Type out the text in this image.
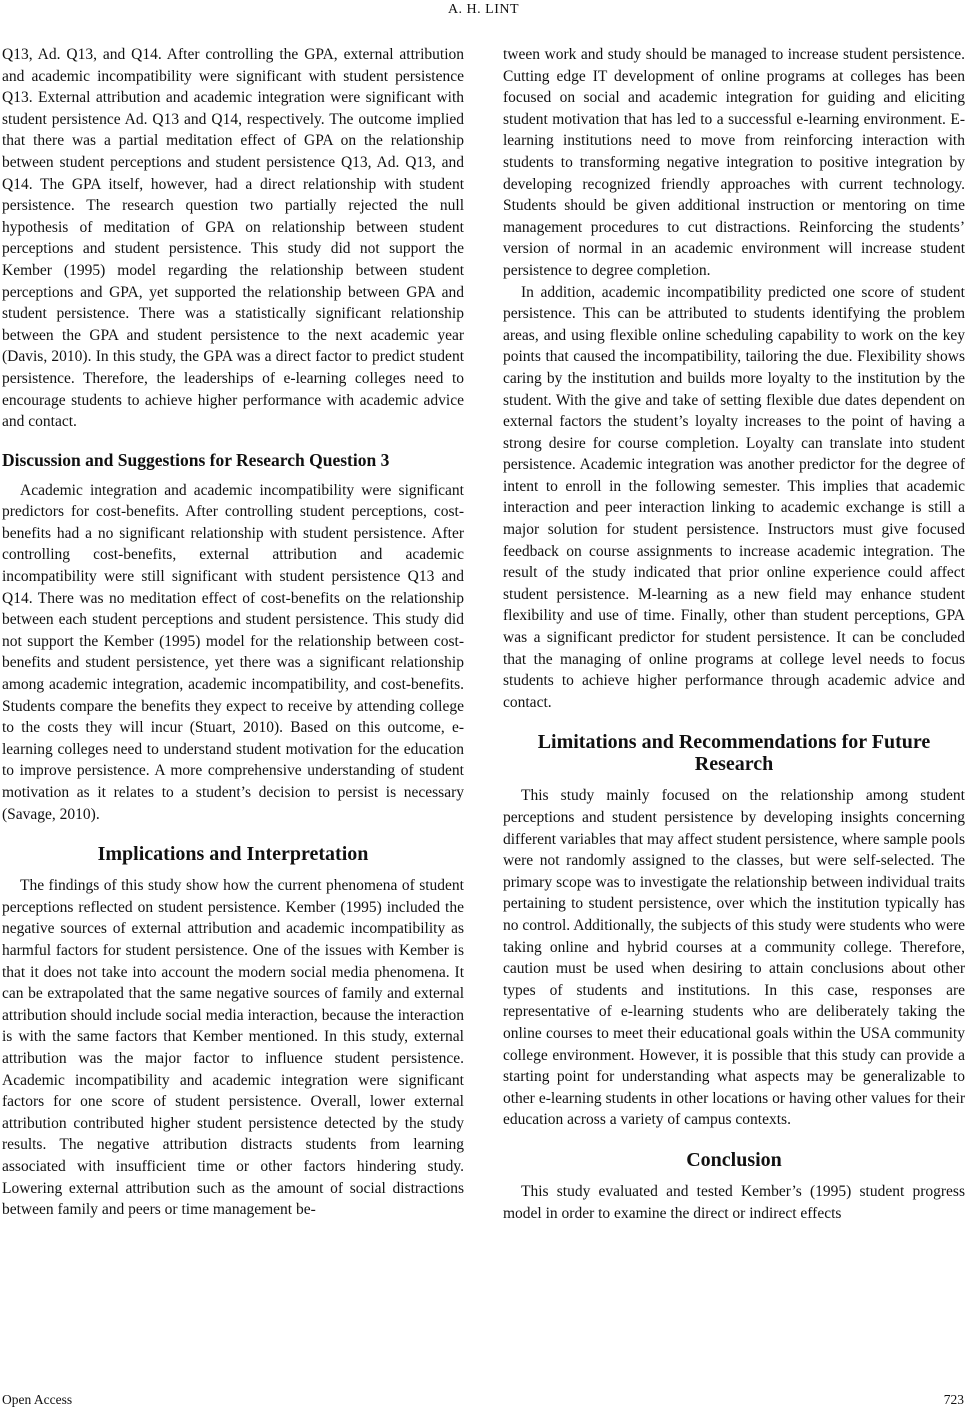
A. H. LINT

Q13, Ad. Q13, and Q14. After controlling the GPA, external attribution and academic incompatibility were significant with student persistence Q13. External attribution and academic integration were significant with student persistence Ad. Q13 and Q14, respectively. The outcome implied that there was a partial meditation effect of GPA on the relationship between student perceptions and student persistence Q13, Ad. Q13, and Q14. The GPA itself, however, had a direct relationship with student persistence. The research question two partially rejected the null hypothesis of meditation of GPA on relationship between student perceptions and student persistence. This study did not support the Kember (1995) model regarding the relationship between student perceptions and GPA, yet supported the relationship between GPA and student persistence. There was a statistically significant relationship between the GPA and student persistence to the next academic year (Davis, 2010). In this study, the GPA was a direct factor to predict student persistence. Therefore, the leaderships of e-learning colleges need to encourage students to achieve higher performance with academic advice and contact.

Discussion and Suggestions for Research Question 3

Academic integration and academic incompatibility were significant predictors for cost-benefits. After controlling student perceptions, cost-benefits had a no significant relationship with student persistence. After controlling cost-benefits, external attribution and academic incompatibility were still significant with student persistence Q13 and Q14. There was no meditation effect of cost-benefits on the relationship between each student perceptions and student persistence. This study did not support the Kember (1995) model for the relationship between cost-benefits and student persistence, yet there was a significant relationship among academic integration, academic incompatibility, and cost-benefits. Students compare the benefits they expect to receive by attending college to the costs they will incur (Stuart, 2010). Based on this outcome, e-learning colleges need to understand student motivation for the education to improve persistence. A more comprehensive understanding of student motivation as it relates to a student’s decision to persist is necessary (Savage, 2010).

Implications and Interpretation

The findings of this study show how the current phenomena of student perceptions reflected on student persistence. Kember (1995) included the negative sources of external attribution and academic incompatibility as harmful factors for student persistence. One of the issues with Kember is that it does not take into account the modern social media phenomena. It can be extrapolated that the same negative sources of family and external attribution should include social media interaction, because the interaction is with the same factors that Kember mentioned. In this study, external attribution was the major factor to influence student persistence. Academic incompatibility and academic integration were significant factors for one score of student persistence. Overall, lower external attribution contributed higher student persistence detected by the study results. The negative attribution distracts students from learning associated with insufficient time or other factors hindering study. Lowering external attribution such as the amount of social distractions between family and peers or time management be-

tween work and study should be managed to increase student persistence. Cutting edge IT development of online programs at colleges has been focused on social and academic integration for guiding and eliciting student motivation that has led to a successful e-learning environment. E-learning institutions need to move from reinforcing interaction with students to transforming negative integration to positive integration by developing recognized friendly approaches with current technology. Students should be given additional instruction or mentoring on time management procedures to cut distractions. Reinforcing the students’ version of normal in an academic environment will increase student persistence to degree completion.

In addition, academic incompatibility predicted one score of student persistence. This can be attributed to students identifying the problem areas, and using flexible online scheduling capability to work on the key points that caused the incompatibility, tailoring the due. Flexibility shows caring by the institution and builds more loyalty to the institution by the student. With the give and take of setting flexible due dates dependent on external factors the student’s loyalty increases to the point of having a strong desire for course completion. Loyalty can translate into student persistence. Academic integration was another predictor for the degree of intent to enroll in the following semester. This implies that academic interaction and peer interaction linking to academic exchange is still a major solution for student persistence. Instructors must give focused feedback on course assignments to increase academic integration. The result of the study indicated that prior online experience could affect student persistence. M-learning as a new field may enhance student flexibility and use of time. Finally, other than student perceptions, GPA was a significant predictor for student persistence. It can be concluded that the managing of online programs at college level needs to focus students to achieve higher performance through academic advice and contact.

Limitations and Recommendations for Future Research

This study mainly focused on the relationship among student perceptions and student persistence by developing insights concerning different variables that may affect student persistence, where sample pools were not randomly assigned to the classes, but were self-selected. The primary scope was to investigate the relationship between individual traits pertaining to student persistence, over which the institution typically has no control. Additionally, the subjects of this study were students who were taking online and hybrid courses at a community college. Therefore, caution must be used when desiring to attain conclusions about other types of students and institutions. In this case, responses are representative of e-learning students who are deliberately taking the online courses to meet their educational goals within the USA community college environment. However, it is possible that this study can provide a starting point for understanding what aspects may be generalizable to other e-learning students in other locations or having other values for their education across a variety of campus contexts.

Conclusion

This study evaluated and tested Kember’s (1995) student progress model in order to examine the direct or indirect effects

Open Access	723
